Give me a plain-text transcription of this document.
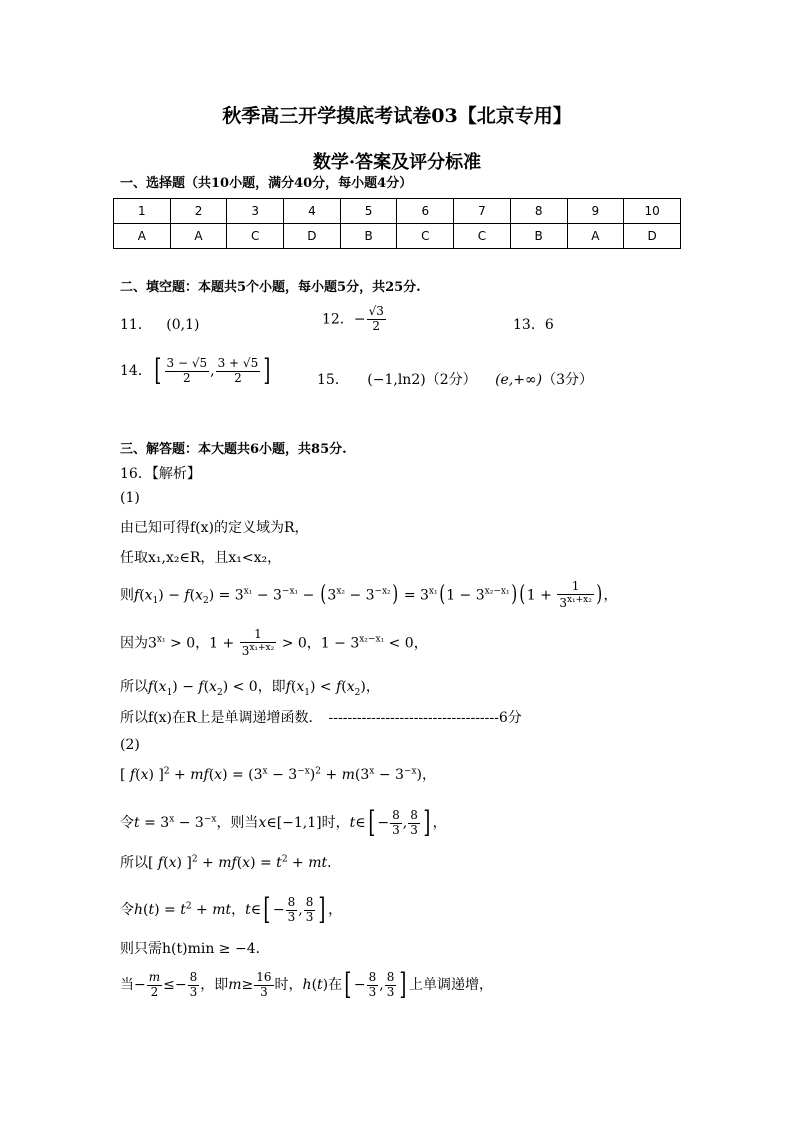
秋季高三开学摸底考试卷03【北京专用】
数学·答案及评分标准
一、选择题（共10小题，满分40分，每小题4分）
1	2	3	4	5	6	7	8	9	10
A	A	C	D	B	C	C	B	A	D
二、填空题：本题共5个小题，每小题5分，共25分.
11． (0,1)	12．− $\frac{√3}{2}$	13．6
14．[ $\frac{3 - √5}{2}$ , $\frac{3 + √5}{2}$ ]	15． (−1,ln2)（2分） (e,+∞)（3分）
三、解答题：本大题共6小题，共85分.
16．【解析】
(1)
由已知可得f(x)的定义域为R，
任取x₁,x₂∈R，且x₁<x₂，
则$f(x_1) - f(x_2) = 3^{x_1} - 3^{-x_1} - (3^{x_2} - 3^{-x_2}) = 3^{x_1}(1 - 3^{x_2-x_1}) (1 + \frac{1}{3^{x_1+x_2}}$ )，
因为$3^{x_1} > 0$，$1 + \frac{1}{3^{x_1+x_2}} > 0$，$1 - 3^{x_2-x_1} < 0$，
所以$f(x_1) - f(x_2) < 0$，即$f(x_1) < f(x_2)$，
所以f(x)在R上是单调递增函数． ------------------------------------6分
(2)
[ f(x) ]$^2 + mf(x) = (3^x - 3^{-x})^2 + m(3^x - 3^{-x})$，
令$t = 3^x - 3^{-x}$，则当x∈[−1,1]时，t∈[ − $\frac{8}{3}$ , $\frac{8}{3}$ ] ，
所以[ f(x) ]$^2 + mf(x) = t^2$ + mt．
令$h(t) = t^2$ + mt，t∈[ − $\frac{8}{3}$ , $\frac{8}{3}$ ] ，
则只需h(t)min ≥ −4．
当− $\frac{m}{2} \le- \frac{8}{3}$ ，即$m\ge \frac{16}{3}$ 时，h(t)在[ − $\frac{8}{3}$ , $\frac{8}{3}$ ] 上单调递增，
